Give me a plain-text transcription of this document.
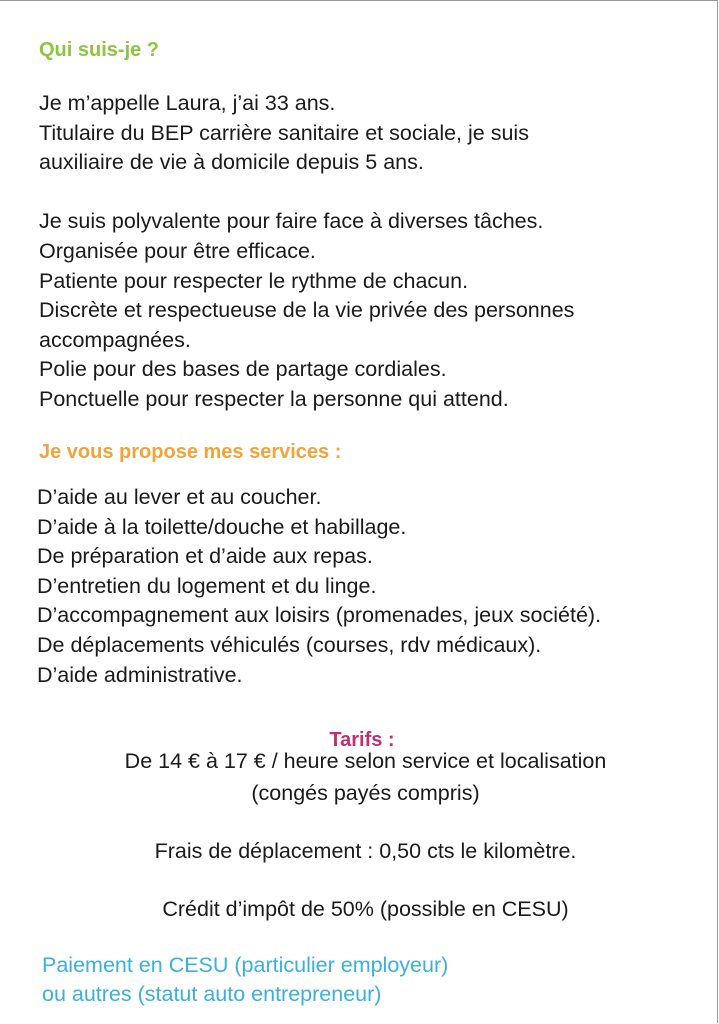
Qui suis-je ?

Je m’appelle Laura, j’ai 33 ans.

Titulaire du BEP carrière sanitaire et sociale, je suis

auxiliaire de vie à domicile depuis 5 ans.

Je suis polyvalente pour faire face à diverses tâches.

Organisée pour être efficace.

Patiente pour respecter le rythme de chacun.

Discrète et respectueuse de la vie privée des personnes

accompagnées.

Polie pour des bases de partage cordiales.

Ponctuelle pour respecter la personne qui attend.

Je vous propose mes services :

D’aide au lever et au coucher.

D’aide à la toilette/douche et habillage.

De préparation et d’aide aux repas.

D’entretien du logement et du linge.

D’accompagnement aux loisirs (promenades, jeux société).

De déplacements véhiculés (courses, rdv médicaux).

D’aide administrative.

Tarifs :
De 14 € à 17 € / heure selon service et localisation
(congés payés compris)
Frais de déplacement : 0,50 cts le kilomètre.
Crédit d’impôt de 50% (possible en CESU)

Paiement en CESU (particulier employeur)

ou autres (statut auto entrepreneur)
